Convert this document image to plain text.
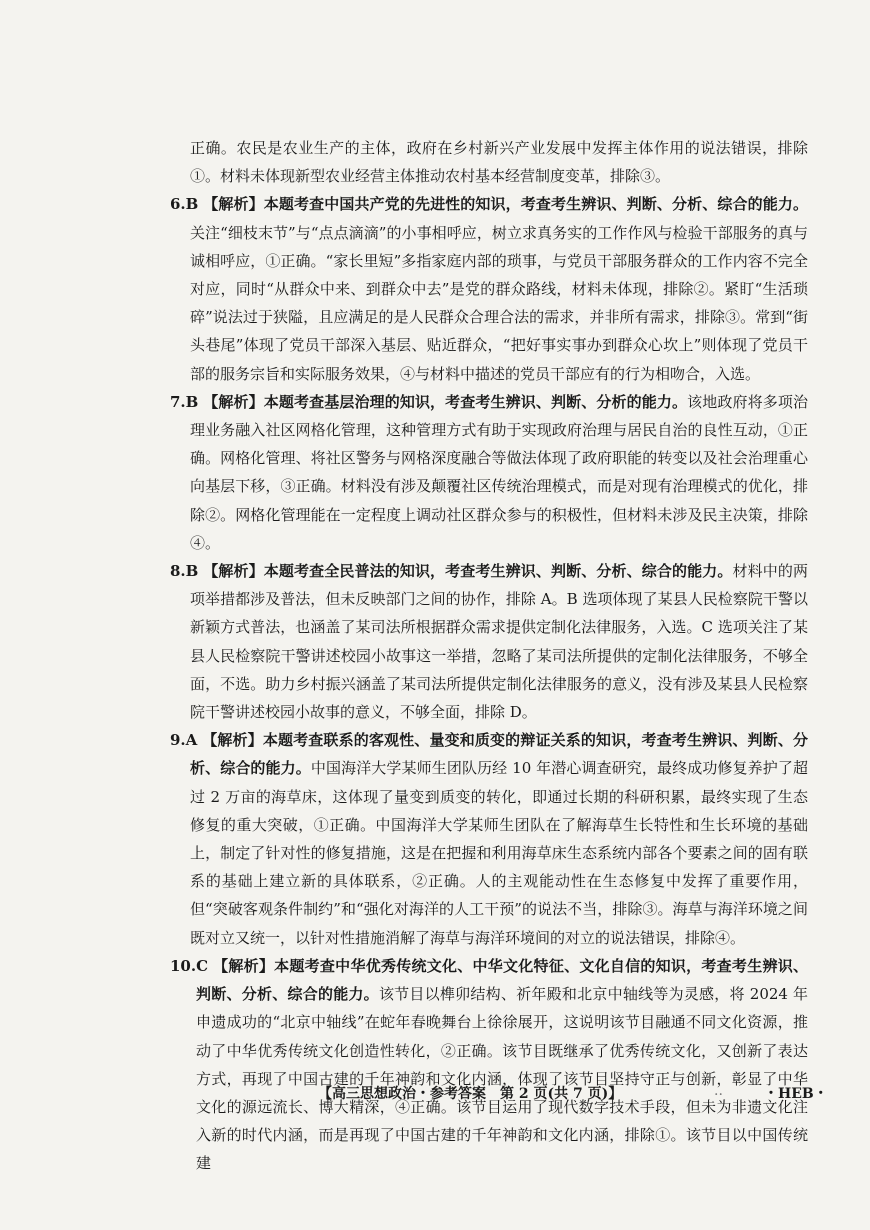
正确。农民是农业生产的主体，政府在乡村新兴产业发展中发挥主体作用的说法错误，排除①。材料未体现新型农业经营主体推动农村基本经营制度变革，排除③。

6.B 【解析】本题考查中国共产党的先进性的知识，考查考生辨识、判断、分析、综合的能力。关注“细枝末节”与“点点滴滴”的小事相呼应，树立求真务实的工作作风与检验干部服务的真与诚相呼应，①正确。“家长里短”多指家庭内部的琐事，与党员干部服务群众的工作内容不完全对应，同时“从群众中来、到群众中去”是党的群众路线，材料未体现，排除②。紧盯“生活琐碎”说法过于狭隘，且应满足的是人民群众合理合法的需求，并非所有需求，排除③。常到“街头巷尾”体现了党员干部深入基层、贴近群众，“把好事实事办到群众心坎上”则体现了党员干部的服务宗旨和实际服务效果，④与材料中描述的党员干部应有的行为相吻合，入选。

7.B 【解析】本题考查基层治理的知识，考查考生辨识、判断、分析的能力。该地政府将多项治理业务融入社区网格化管理，这种管理方式有助于实现政府治理与居民自治的良性互动，①正确。网格化管理、将社区警务与网格深度融合等做法体现了政府职能的转变以及社会治理重心向基层下移，③正确。材料没有涉及颠覆社区传统治理模式，而是对现有治理模式的优化，排除②。网格化管理能在一定程度上调动社区群众参与的积极性，但材料未涉及民主决策，排除④。

8.B 【解析】本题考查全民普法的知识，考查考生辨识、判断、分析、综合的能力。材料中的两项举措都涉及普法，但未反映部门之间的协作，排除 A。B 选项体现了某县人民检察院干警以新颖方式普法，也涵盖了某司法所根据群众需求提供定制化法律服务，入选。C 选项关注了某县人民检察院干警讲述校园小故事这一举措，忽略了某司法所提供的定制化法律服务，不够全面，不选。助力乡村振兴涵盖了某司法所提供定制化法律服务的意义，没有涉及某县人民检察院干警讲述校园小故事的意义，不够全面，排除 D。

9.A 【解析】本题考查联系的客观性、量变和质变的辩证关系的知识，考查考生辨识、判断、分析、综合的能力。中国海洋大学某师生团队历经 10 年潜心调查研究，最终成功修复养护了超过 2 万亩的海草床，这体现了量变到质变的转化，即通过长期的科研积累，最终实现了生态修复的重大突破，①正确。中国海洋大学某师生团队在了解海草生长特性和生长环境的基础上，制定了针对性的修复措施，这是在把握和利用海草床生态系统内部各个要素之间的固有联系的基础上建立新的具体联系，②正确。人的主观能动性在生态修复中发挥了重要作用，但“突破客观条件制约”和“强化对海洋的人工干预”的说法不当，排除③。海草与海洋环境之间既对立又统一，以针对性措施消解了海草与海洋环境间的对立的说法错误，排除④。

10.C 【解析】本题考查中华优秀传统文化、中华文化特征、文化自信的知识，考查考生辨识、判断、分析、综合的能力。该节目以榫卯结构、祈年殿和北京中轴线等为灵感，将 2024 年申遗成功的“北京中轴线”在蛇年春晚舞台上徐徐展开，这说明该节目融通不同文化资源，推动了中华优秀传统文化创造性转化，②正确。该节目既继承了优秀传统文化，又创新了表达方式，再现了中国古建的千年神韵和文化内涵，体现了该节目坚持守正与创新，彰显了中华文化的源远流长、博大精深，④正确。该节目运用了现代数字技术手段，但未为非遗文化注入新的时代内涵，而是再现了中国古建的千年神韵和文化内涵，排除①。该节目以中国传统建

【高三思想政治・参考答案　第 2 页(共 7 页)】	..	・HEB・
